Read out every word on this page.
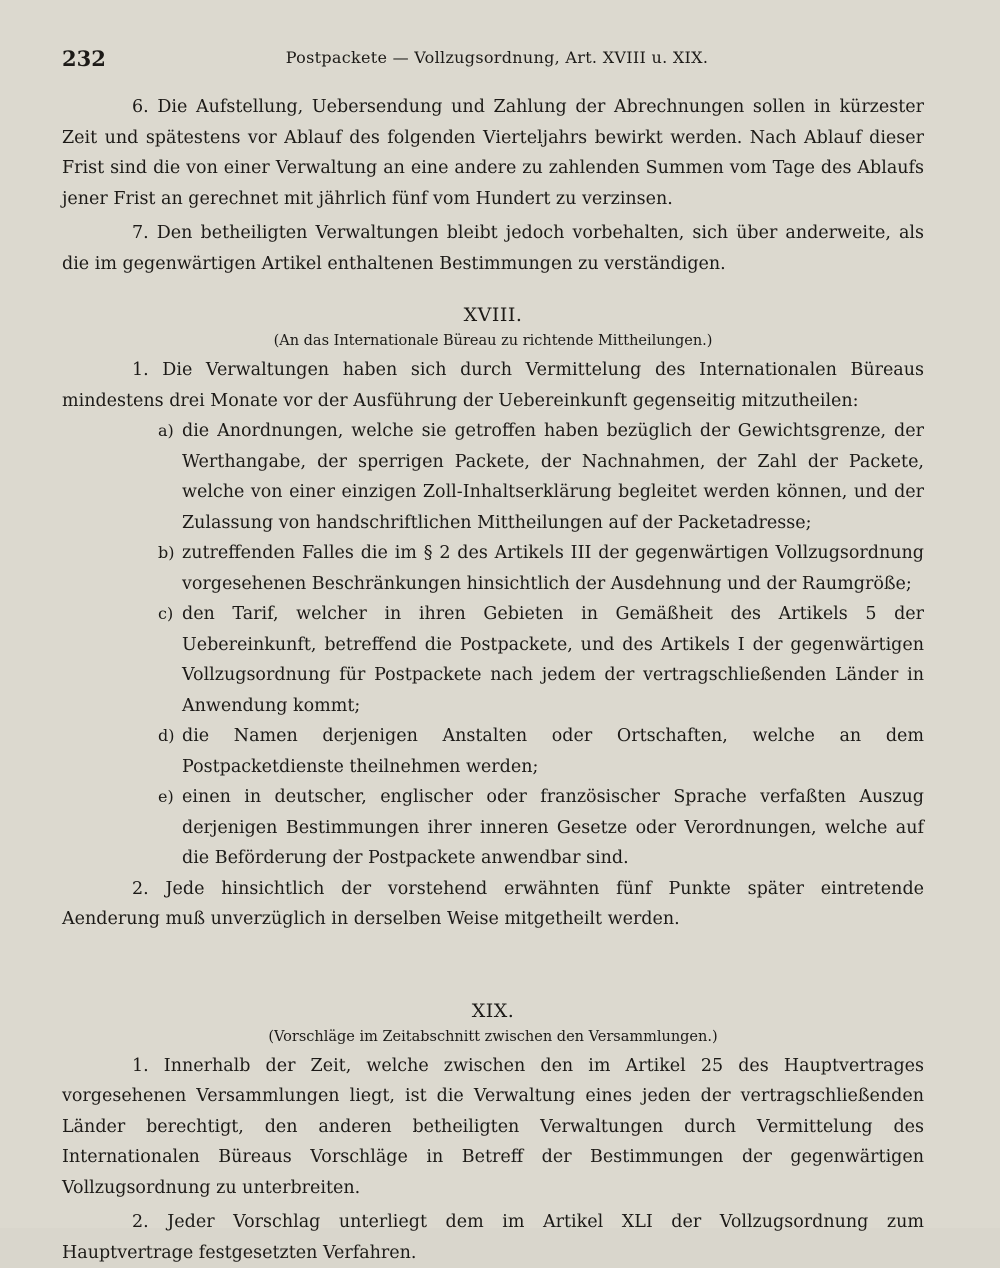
232	Postpackete — Vollzugsordnung, Art. XVIII u. XIX.

6. Die Aufstellung, Uebersendung und Zahlung der Abrechnungen sollen in kürzester Zeit und spätestens vor Ablauf des folgenden Vierteljahrs bewirkt werden. Nach Ablauf dieser Frist sind die von einer Verwaltung an eine andere zu zahlenden Summen vom Tage des Ablaufs jener Frist an gerechnet mit jährlich fünf vom Hundert zu verzinsen.

7. Den betheiligten Verwaltungen bleibt jedoch vorbehalten, sich über anderweite, als die im gegenwärtigen Artikel enthaltenen Bestimmungen zu verständigen.

XVIII.
(An das Internationale Büreau zu richtende Mittheilungen.)

1. Die Verwaltungen haben sich durch Vermittelung des Internationalen Büreaus mindestens drei Monate vor der Ausführung der Uebereinkunft gegenseitig mitzutheilen:

a) die Anordnungen, welche sie getroffen haben bezüglich der Gewichtsgrenze, der Werthangabe, der sperrigen Packete, der Nachnahmen, der Zahl der Packete, welche von einer einzigen Zoll-Inhaltserklärung begleitet werden können, und der Zulassung von handschriftlichen Mittheilungen auf der Packetadresse;

b) zutreffenden Falles die im § 2 des Artikels III der gegenwärtigen Vollzugsordnung vorgesehenen Beschränkungen hinsichtlich der Ausdehnung und der Raumgröße;

c) den Tarif, welcher in ihren Gebieten in Gemäßheit des Artikels 5 der Uebereinkunft, betreffend die Postpackete, und des Artikels I der gegenwärtigen Vollzugsordnung für Postpackete nach jedem der vertragschließenden Länder in Anwendung kommt;

d) die Namen derjenigen Anstalten oder Ortschaften, welche an dem Postpacketdienste theilnehmen werden;

e) einen in deutscher, englischer oder französischer Sprache verfaßten Auszug derjenigen Bestimmungen ihrer inneren Gesetze oder Verordnungen, welche auf die Beförderung der Postpackete anwendbar sind.

2. Jede hinsichtlich der vorstehend erwähnten fünf Punkte später eintretende Aenderung muß unverzüglich in derselben Weise mitgetheilt werden.

XIX.
(Vorschläge im Zeitabschnitt zwischen den Versammlungen.)

1. Innerhalb der Zeit, welche zwischen den im Artikel 25 des Hauptvertrages vorgesehenen Versammlungen liegt, ist die Verwaltung eines jeden der vertragschließenden Länder berechtigt, den anderen betheiligten Verwaltungen durch Vermittelung des Internationalen Büreaus Vorschläge in Betreff der Bestimmungen der gegenwärtigen Vollzugsordnung zu unterbreiten.

2. Jeder Vorschlag unterliegt dem im Artikel XLI der Vollzugsordnung zum Hauptvertrage festgesetzten Verfahren.
